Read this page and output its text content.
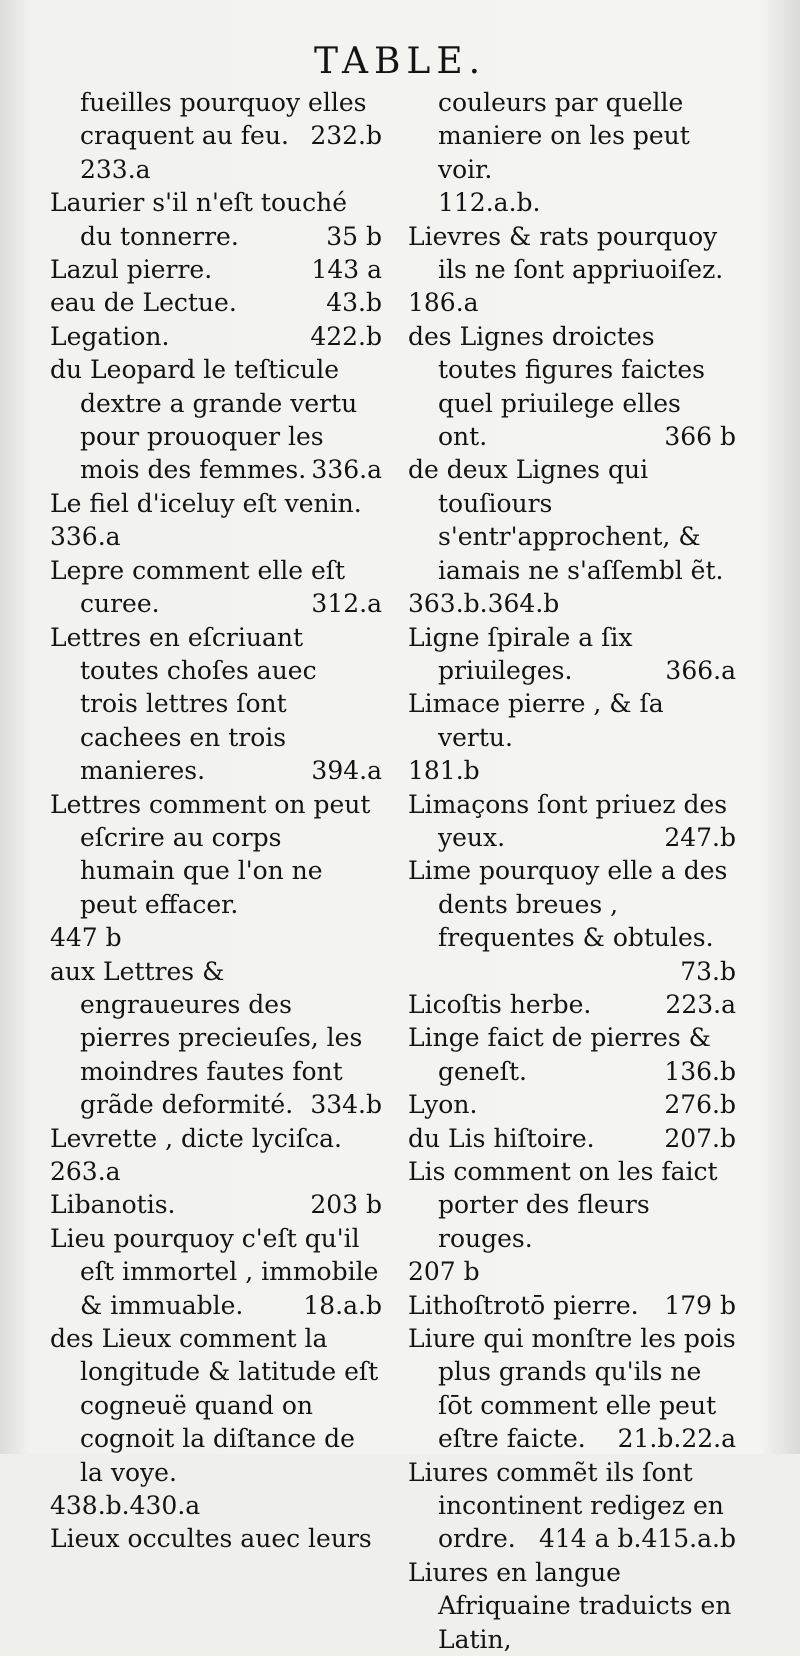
TABLE.
fueilles pourquoy elles craquent au feu. 232.b
233.a
Laurier s'il n'eſt touché du tonnerre.	35 b
Lazul pierre.	143 a
eau de Lectue.	43.b
Legation.	422.b
du Leopard le teſticule dextre a grande vertu pour prouoquer les mois des femmes. 336.a
Le fiel d'iceluy eſt venin.
336.a
Lepre comment elle eſt curee.	312.a
Lettres en eſcriuant toutes choſes auec trois lettres ſont cachees en trois manieres.	394.a
Lettres comment on peut eſcrire au corps humain que l'on ne peut effacer.
447 b
aux Lettres & engraueures des pierres precieuſes, les moindres fautes font grãde deformité. 334.b
Levrette , dicte lyciſca.
263.a
Libanotis.	203 b
Lieu pourquoy c'eſt qu'il eſt immortel , immobile & immuable. 18.a.b
des Lieux comment la longitude & latitude eſt cogneuë quand on cognoit la diſtance de la voye.
438.b.430.a
Lieux occultes auec leurs
couleurs par quelle maniere on les peut voir.
112.a.b.
Lievres & rats pourquoy ils ne ſont appriuoiſez.
186.a
des Lignes droictes toutes figures faictes quel priuilege elles ont.	366 b
de deux Lignes qui touſiours s'entr'approchent, & iamais ne s'aſſembl ẽt.
363.b.364.b
Ligne ſpirale a ſix priuileges.	366.a
Limace pierre , & ſa vertu.
181.b
Limaçons ſont priuez des yeux.	247.b
Lime pourquoy elle a des dents breues , frequentes & obtules.
73.b
Licoſtis herbe.	223.a
Linge faict de pierres & geneſt.	136.b
Lyon.	276.b
du Lis hiſtoire.	207.b
Lis comment on les faict porter des fleurs rouges.
207 b
Lithoſtrotō pierre. 179 b
Liure qui monſtre les pois plus grands qu'ils ne ſōt comment elle peut eſtre faicte. 21.b.22.a
Liures commẽt ils ſont incontinent redigez en ordre. 414 a b.415.a.b
Liures en langue Afriquaine traduicts en Latin,
